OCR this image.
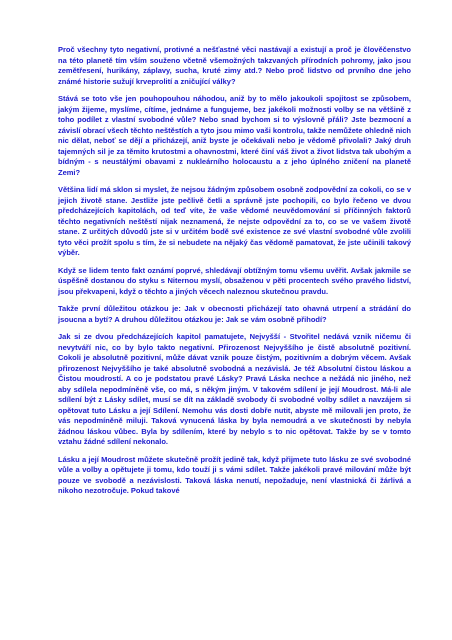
Proč všechny tyto negativní, protivné a nešťastné věci nastávají a existují a proč je člověčenstvo na této planetě tím vším souženo včetně všemožných takzvaných přírodních pohromy, jako jsou zemětřesení, hurikány, záplavy, sucha, kruté zimy atd.? Nebo proč lidstvo od prvního dne jeho známé historie sužují krveprolití a zničující války?

Stává se toto vše jen pouhopouhou náhodou, aniž by to mělo jakoukoli spojitost se způsobem, jakým žijeme, myslíme, cítíme, jednáme a fungujeme, bez jakékoli možnosti volby se na většině z toho podílet z vlastní svobodné vůle? Nebo snad bychom si to výslovně přáli? Jste bezmocní a závislí obrací všech těchto neštěstích a tyto jsou mimo vaši kontrolu, takže nemůžete ohledně nich nic dělat, neboť se dějí a přicházejí, aniž byste je očekávali nebo je vědomě přivolali? Jaký druh tajemných sil je za těmito krutostmi a ohavnostmi, které činí váš život a život lidstva tak ubohým a bídným - s neustálými obavami z nukleárního holocaustu a z jeho úplného zničení na planetě Zemi?

Většina lidí má sklon si myslet, že nejsou žádným způsobem osobně zodpovědní za cokoli, co se v jejich životě stane. Jestliže jste pečlivě četli a správně jste pochopili, co bylo řečeno ve dvou předcházejících kapitolách, od teď víte, že vaše vědomé neuvědomování si příčinných faktorů těchto negativních neštěstí nijak neznamená, že nejste odpovědní za to, co se ve vašem životě stane. Z určitých důvodů jste si v určitém bodě své existence ze své vlastní svobodné vůle zvolili tyto věci prožít spolu s tím, že si nebudete na nějaký čas vědomě pamatovat, že jste učinili takový výběr.

Když se lidem tento fakt oznámí poprvé, shledávají obtížným tomu všemu uvěřit. Avšak jakmile se úspěšně dostanou do styku s Niternou myslí, obsaženou v pěti procentech svého pravého lidství, jsou překvapeni, když o těchto a jiných věcech naleznou skutečnou pravdu.

Takže první důležitou otázkou je: Jak v obecnosti přicházejí tato ohavná utrpení a strádání do jsoucna a bytí? A druhou důležitou otázkou je: Jak se vám osobně přihodí?

Jak si ze dvou předcházejících kapitol pamatujete, Nejvyšší - Stvořitel nedává vznik ničemu či nevytváří nic, co by bylo takto negativní. Přirozenost Nejvyššího je čistě absolutně pozitivní. Cokoli je absolutně pozitivní, může dávat vznik pouze čistým, pozitivním a dobrým věcem. Avšak přirozenost Nejvyššího je také absolutně svobodná a nezávislá. Je též Absolutní čistou láskou a Čistou moudrostí. A co je podstatou pravé Lásky? Pravá Láska nechce a nežádá nic jiného, než aby sdílela nepodmíněně vše, co má, s někým jiným. V takovém sdílení je její Moudrost. Má-li ale sdílení být z Lásky sdílet, musí se dít na základě svobody či svobodné volby sdílet a navzájem si opětovat tuto Lásku a její Sdílení. Nemohu vás dosti dobře nutit, abyste mě milovali jen proto, že vás nepodmíněně miluji. Taková vynucená láska by byla nemoudrá a ve skutečnosti by nebyla žádnou láskou vůbec. Byla by sdílením, které by nebylo s to nic opětovat. Takže by se v tomto vztahu žádné sdílení nekonalo.

Lásku a její Moudrost můžete skutečně prožít jedině tak, když přijmete tuto lásku ze své svobodné vůle a volby a opětujete ji tomu, kdo touží ji s vámi sdílet. Takže jakékoli pravé milování může být pouze ve svobodě a nezávislosti. Taková láska nenutí, nepožaduje, není vlastnická či žárlivá a nikoho nezotročuje. Pokud takové
